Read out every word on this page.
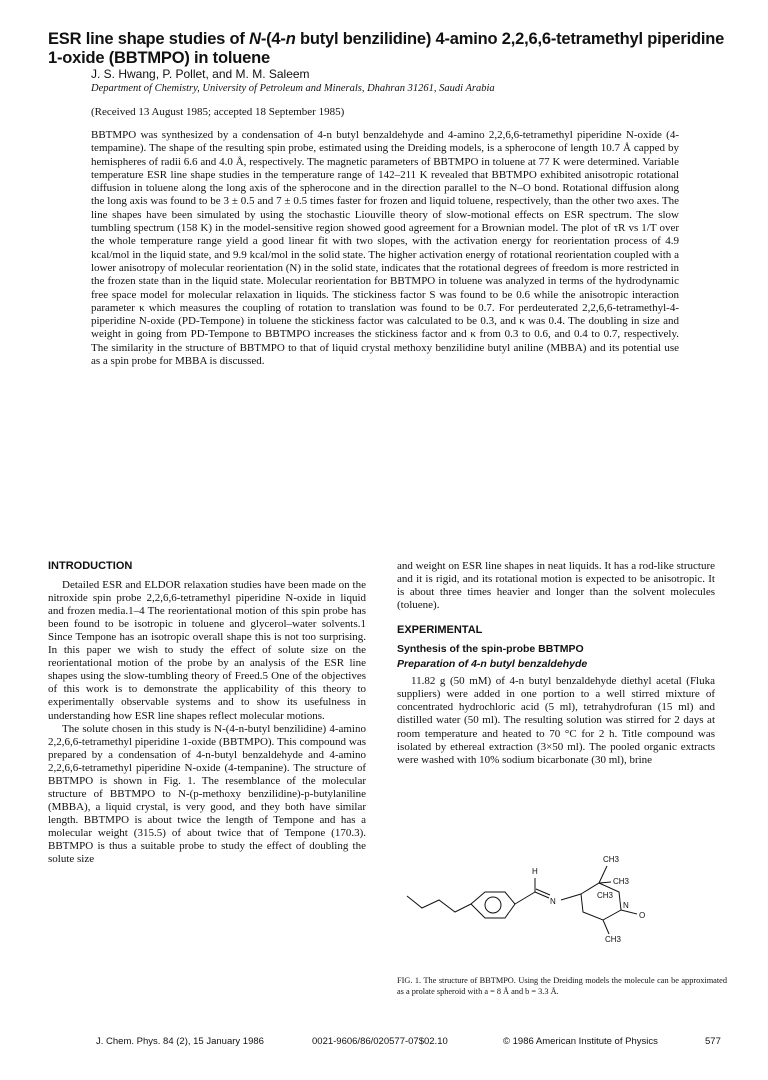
ESR line shape studies of N-(4-n butyl benzilidine) 4-amino 2,2,6,6-tetramethyl piperidine 1-oxide (BBTMPO) in toluene
J. S. Hwang, P. Pollet, and M. M. Saleem
Department of Chemistry, University of Petroleum and Minerals, Dhahran 31261, Saudi Arabia
(Received 13 August 1985; accepted 18 September 1985)
BBTMPO was synthesized by a condensation of 4-n butyl benzaldehyde and 4-amino 2,2,6,6-tetramethyl piperidine N-oxide (4-tempamine). The shape of the resulting spin probe, estimated using the Dreiding models, is a spherocone of length 10.7 Å capped by hemispheres of radii 6.6 and 4.0 Å, respectively. The magnetic parameters of BBTMPO in toluene at 77 K were determined. Variable temperature ESR line shape studies in the temperature range of 142–211 K revealed that BBTMPO exhibited anisotropic rotational diffusion in toluene along the long axis of the spherocone and in the direction parallel to the N–O bond. Rotational diffusion along the long axis was found to be 3 ± 0.5 and 7 ± 0.5 times faster for frozen and liquid toluene, respectively, than the other two axes. The line shapes have been simulated by using the stochastic Liouville theory of slow-motional effects on ESR spectrum. The slow tumbling spectrum (158 K) in the model-sensitive region showed good agreement for a Brownian model. The plot of τR vs 1/T over the whole temperature range yield a good linear fit with two slopes, with the activation energy for reorientation process of 4.9 kcal/mol in the liquid state, and 9.9 kcal/mol in the solid state. The higher activation energy of rotational reorientation coupled with a lower anisotropy of molecular reorientation (N) in the solid state, indicates that the rotational degrees of freedom is more restricted in the frozen state than in the liquid state. Molecular reorientation for BBTMPO in toluene was analyzed in terms of the hydrodynamic free space model for molecular relaxation in liquids. The stickiness factor S was found to be 0.6 while the anisotropic interaction parameter κ which measures the coupling of rotation to translation was found to be 0.7. For perdeuterated 2,2,6,6-tetramethyl-4-piperidine N-oxide (PD-Tempone) in toluene the stickiness factor was calculated to be 0.3, and κ was 0.4. The doubling in size and weight in going from PD-Tempone to BBTMPO increases the stickiness factor and κ from 0.3 to 0.6, and 0.4 to 0.7, respectively. The similarity in the structure of BBTMPO to that of liquid crystal methoxy benzilidine butyl aniline (MBBA) and its potential use as a spin probe for MBBA is discussed.
INTRODUCTION

Detailed ESR and ELDOR relaxation studies have been made on the nitroxide spin probe 2,2,6,6-tetramethyl piperidine N-oxide in liquid and frozen media.1–4 The reorientational motion of this spin probe has been found to be isotropic in toluene and glycerol–water solvents.1 Since Tempone has an isotropic overall shape this is not too surprising. In this paper we wish to study the effect of solute size on the reorientational motion of the probe by an analysis of the ESR line shapes using the slow-tumbling theory of Freed.5 One of the objectives of this work is to demonstrate the applicability of this theory to experimentally observable systems and to show its usefulness in understanding how ESR line shapes reflect molecular motions.

The solute chosen in this study is N-(4-n-butyl benzilidine) 4-amino 2,2,6,6-tetramethyl piperidine 1-oxide (BBTMPO). This compound was prepared by a condensation of 4-n-butyl benzaldehyde and 4-amino 2,2,6,6-tetramethyl piperidine N-oxide (4-tempanine). The structure of BBTMPO is shown in Fig. 1. The resemblance of the molecular structure of BBTMPO to N-(p-methoxy benzilidine)-p-butylaniline (MBBA), a liquid crystal, is very good, and they both have similar length. BBTMPO is about twice the length of Tempone and has a molecular weight (315.5) of about twice that of Tempone (170.3). BBTMPO is thus a suitable probe to study the effect of doubling the solute size

and weight on ESR line shapes in neat liquids. It has a rod-like structure and it is rigid, and its rotational motion is expected to be anisotropic. It is about three times heavier and longer than the solvent molecules (toluene).

EXPERIMENTAL
Synthesis of the spin-probe BBTMPO
Preparation of 4-n butyl benzaldehyde

11.82 g (50 mM) of 4-n butyl benzaldehyde diethyl acetal (Fluka suppliers) were added in one portion to a well stirred mixture of concentrated hydrochloric acid (5 ml), tetrahydrofuran (15 ml) and distilled water (50 ml). The resulting solution was stirred for 2 days at room temperature and heated to 70 °C for 2 h. Title compound was isolated by ethereal extraction (3×50 ml). The pooled organic extracts were washed with 10% sodium bicarbonate (30 ml), brine

H
N
CH3
CH3
CH3
CH3
N
O
FIG. 1. The structure of BBTMPO. Using the Dreiding models the molecule can be approximated as a prolate spheroid with a = 8 Å and b = 3.3 Å.
J. Chem. Phys. 84 (2), 15 January 1986	0021-9606/86/020577-07$02.10	© 1986 American Institute of Physics	577
